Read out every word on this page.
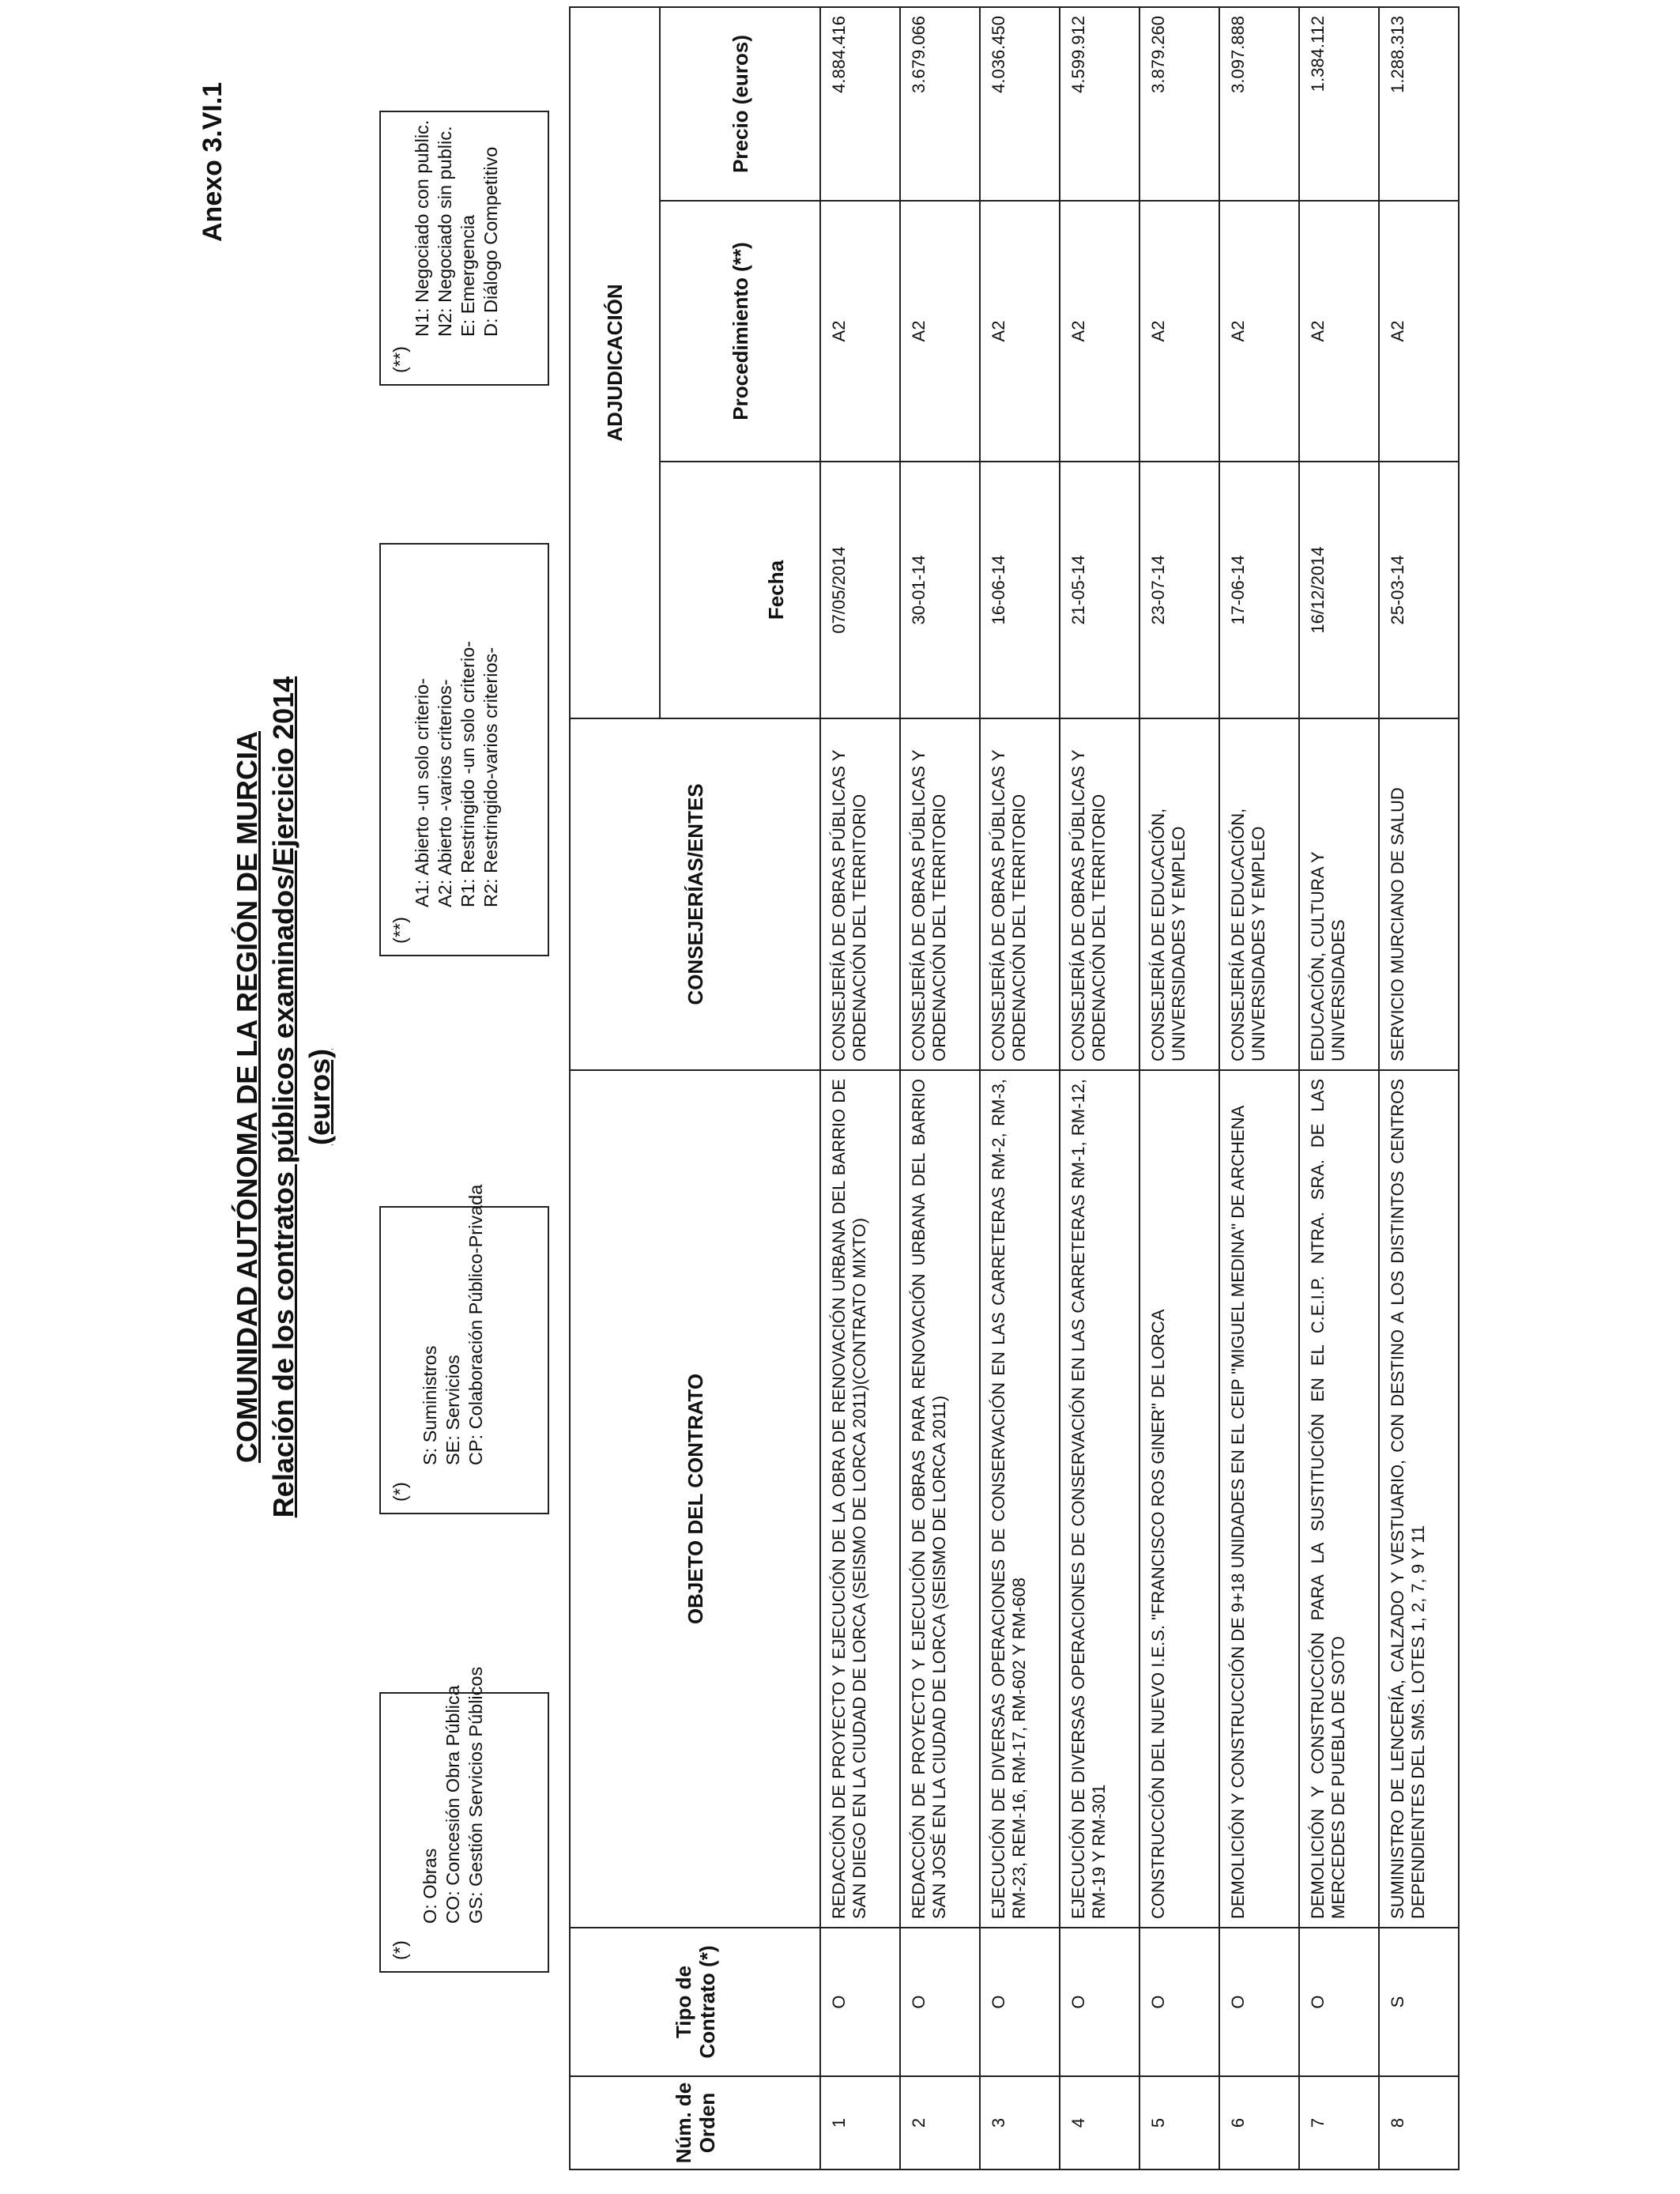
Anexo 3.VI.1
COMUNIDAD AUTÓNOMA DE LA REGIÓN DE MURCIA Relación de los contratos públicos examinados/Ejercicio 2014 (euros)
(*)
O: Obras CO: Concesión Obra Pública GS: Gestión Servicios Públicos
(*)
S: Suministros SE: Servicios CP: Colaboración Público-Privada
(**)
A1: Abierto -un solo criterio- A2: Abierto -varios criterios- R1: Restringido -un solo criterio- R2: Restringido-varios criterios-
(**)
N1: Negociado con public. N2: Negociado sin public. E: Emergencia D: Diálogo Competitivo
Núm. de Orden	Tipo de Contrato (*)	OBJETO DEL CONTRATO	CONSEJERÍAS/ENTES	ADJUDICACIÓN		
				Fecha	Procedimiento (**)	Precio (euros)
1	O	REDACCIÓN DE PROYECTO Y EJECUCIÓN DE LA OBRA DE RENOVACIÓN URBANA DEL BARRIO DE SAN DIEGO EN LA CIUDAD DE LORCA (SEISMO DE LORCA 2011)(CONTRATO MIXTO)	CONSEJERÍA DE OBRAS PÚBLICAS Y ORDENACIÓN DEL TERRITORIO	07/05/2014	A2	4.884.416
2	O	REDACCIÓN DE PROYECTO Y EJECUCIÓN DE OBRAS PARA RENOVACIÓN URBANA DEL BARRIO SAN JOSÉ EN LA CIUDAD DE LORCA (SEISMO DE LORCA 2011)	CONSEJERÍA DE OBRAS PÚBLICAS Y ORDENACIÓN DEL TERRITORIO	30-01-14	A2	3.679.066
3	O	EJECUCIÓN DE DIVERSAS OPERACIONES DE CONSERVACIÓN EN LAS CARRETERAS RM-2, RM-3, RM-23, REM-16, RM-17, RM-602 Y RM-608	CONSEJERÍA DE OBRAS PÚBLICAS Y ORDENACIÓN DEL TERRITORIO	16-06-14	A2	4.036.450
4	O	EJECUCIÓN DE DIVERSAS OPERACIONES DE CONSERVACIÓN EN LAS CARRETERAS RM-1, RM-12, RM-19 Y RM-301	CONSEJERÍA DE OBRAS PÚBLICAS Y ORDENACIÓN DEL TERRITORIO	21-05-14	A2	4.599.912
5	O	CONSTRUCCIÓN DEL NUEVO I.E.S. "FRANCISCO ROS GINER" DE LORCA	CONSEJERÍA DE EDUCACIÓN, UNIVERSIDADES Y EMPLEO	23-07-14	A2	3.879.260
6	O	DEMOLICIÓN Y CONSTRUCCIÓN DE 9+18 UNIDADES EN EL CEIP "MIGUEL MEDINA" DE ARCHENA	CONSEJERÍA DE EDUCACIÓN, UNIVERSIDADES Y EMPLEO	17-06-14	A2	3.097.888
7	O	DEMOLICIÓN Y CONSTRUCCIÓN PARA LA SUSTITUCIÓN EN EL C.E.I.P. NTRA. SRA. DE LAS MERCEDES DE PUEBLA DE SOTO	EDUCACIÓN, CULTURA Y UNIVERSIDADES	16/12/2014	A2	1.384.112
8	S	SUMINISTRO DE LENCERÍA, CALZADO Y VESTUARIO, CON DESTINO A LOS DISTINTOS CENTROS DEPENDIENTES DEL SMS. LOTES 1, 2, 7, 9 Y 11	SERVICIO MURCIANO DE SALUD	25-03-14	A2	1.288.313
